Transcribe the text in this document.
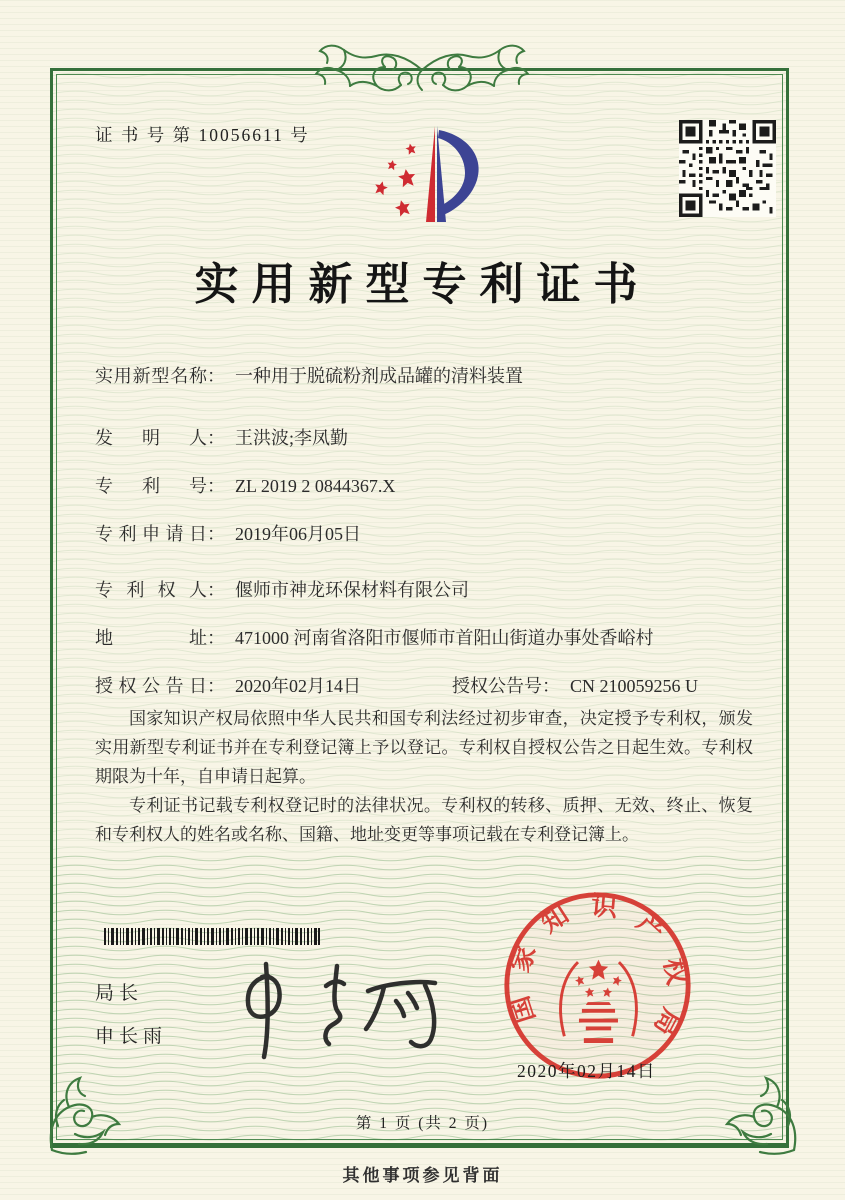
证 书 号 第 10056611 号
实用新型专利证书
实用新型名称： 一种用于脱硫粉剂成品罐的清料装置
发明人： 王洪波;李凤勤
专利号： ZL 2019 2 0844367.X
专利申请日： 2019年06月05日
专利权人： 偃师市神龙环保材料有限公司
地址： 471000 河南省洛阳市偃师市首阳山街道办事处香峪村
授权公告日： 2020年02月14日	授权公告号： CN 210059256 U

国家知识产权局依照中华人民共和国专利法经过初步审查，决定授予专利权，颁发实用新型专利证书并在专利登记簿上予以登记。专利权自授权公告之日起生效。专利权期限为十年，自申请日起算。

专利证书记载专利权登记时的法律状况。专利权的转移、质押、无效、终止、恢复和专利权人的姓名或名称、国籍、地址变更等事项记载在专利登记簿上。

局长
申长雨
国家知识产权局
2020年02月14日
第 1 页 (共 2 页)
其他事项参见背面
